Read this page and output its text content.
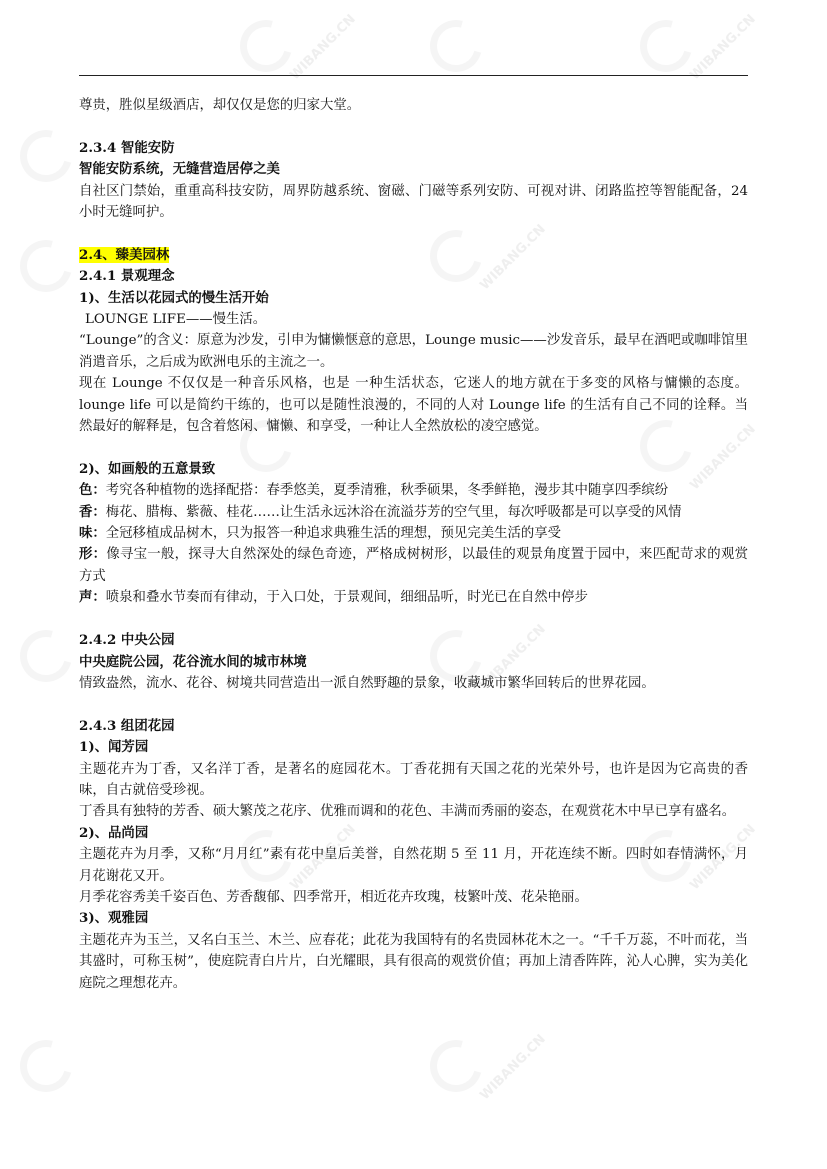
WIBANG.CN	WIBANG.CN
WIBANG.CN
WIBANG.CN
WIBANG.CN
WIBANG.CN	WIBANG.CN
WIBANG.CN

尊贵，胜似星级酒店，却仅仅是您的归家大堂。

2.3.4 智能安防

智能安防系统，无缝营造居停之美

自社区门禁始，重重高科技安防，周界防越系统、窗磁、门磁等系列安防、可视对讲、闭路监控等智能配备，24 小时无缝呵护。

2.4、臻美园林

2.4.1 景观理念

1)、生活以花园式的慢生活开始

LOUNGE LIFE——慢生活。

“Lounge”的含义：原意为沙发，引申为慵懒惬意的意思，Lounge music——沙发音乐，最早在酒吧或咖啡馆里消遣音乐，之后成为欧洲电乐的主流之一。

现在 Lounge 不仅仅是一种音乐风格，也是 一种生活状态，它迷人的地方就在于多变的风格与慵懒的态度。lounge life 可以是简约干练的，也可以是随性浪漫的，不同的人对 Lounge life 的生活有自己不同的诠释。当然最好的解释是，包含着悠闲、慵懒、和享受，一种让人全然放松的凌空感觉。

2)、如画般的五意景致

色：考究各种植物的选择配搭：春季悠美，夏季清雅，秋季硕果，冬季鲜艳，漫步其中随享四季缤纷

香：梅花、腊梅、紫薇、桂花……让生活永远沐浴在流溢芬芳的空气里，每次呼吸都是可以享受的风情

味：全冠移植成品树木，只为报答一种追求典雅生活的理想，预见完美生活的享受

形：像寻宝一般，探寻大自然深处的绿色奇迹，严格成树树形，以最佳的观景角度置于园中，来匹配苛求的观赏方式

声：喷泉和叠水节奏而有律动，于入口处，于景观间，细细品听，时光已在自然中停步

2.4.2 中央公园

中央庭院公园，花谷流水间的城市林境

情致盎然，流水、花谷、树境共同营造出一派自然野趣的景象，收藏城市繁华回转后的世界花园。

2.4.3 组团花园

1)、闻芳园

主题花卉为丁香，又名洋丁香，是著名的庭园花木。丁香花拥有天国之花的光荣外号，也许是因为它高贵的香味，自古就倍受珍视。

丁香具有独特的芳香、硕大繁茂之花序、优雅而调和的花色、丰满而秀丽的姿态，在观赏花木中早已享有盛名。

2)、品尚园

主题花卉为月季，又称“月月红”素有花中皇后美誉，自然花期 5 至 11 月，开花连续不断。四时如春情满怀，月月花谢花又开。

月季花容秀美千姿百色、芳香馥郁、四季常开，相近花卉玫瑰，枝繁叶茂、花朵艳丽。

3)、观雅园

主题花卉为玉兰，又名白玉兰、木兰、应春花；此花为我国特有的名贵园林花木之一。“千千万蕊，不叶而花，当其盛时，可称玉树”，使庭院青白片片，白光耀眼，具有很高的观赏价值；再加上清香阵阵，沁人心脾，实为美化庭院之理想花卉。
